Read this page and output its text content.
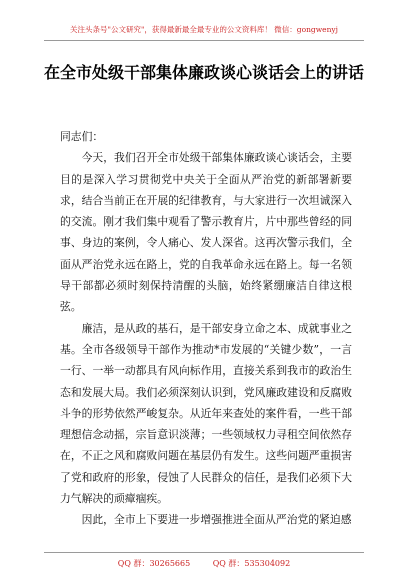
关注头条号"公文研究"，获得最新最全最专业的公文资料库！ 微信：gongwenyj
在全市处级干部集体廉政谈心谈话会上的讲话

同志们：

今天，我们召开全市处级干部集体廉政谈心谈话会，主要目的是深入学习贯彻党中央关于全面从严治党的新部署新要求，结合当前正在开展的纪律教育，与大家进行一次坦诚深入的交流。刚才我们集中观看了警示教育片，片中那些曾经的同事、身边的案例，令人痛心、发人深省。这再次警示我们，全面从严治党永远在路上，党的自我革命永远在路上。每一名领导干部都必须时刻保持清醒的头脑，始终紧绷廉洁自律这根弦。

廉洁，是从政的基石，是干部安身立命之本、成就事业之基。全市各级领导干部作为推动*市发展的“关键少数”，一言一行、一举一动都具有风向标作用，直接关系到我市的政治生态和发展大局。我们必须深刻认识到，党风廉政建设和反腐败斗争的形势依然严峻复杂。从近年来查处的案件看，一些干部理想信念动摇，宗旨意识淡薄；一些领域权力寻租空间依然存在，不正之风和腐败问题在基层仍有发生。这些问题严重损害了党和政府的形象，侵蚀了人民群众的信任，是我们必须下大力气解决的顽瘴痼疾。

因此，全市上下要进一步增强推进全面从严治党的紧迫感

QQ 群：30265665	QQ 群：535304092
